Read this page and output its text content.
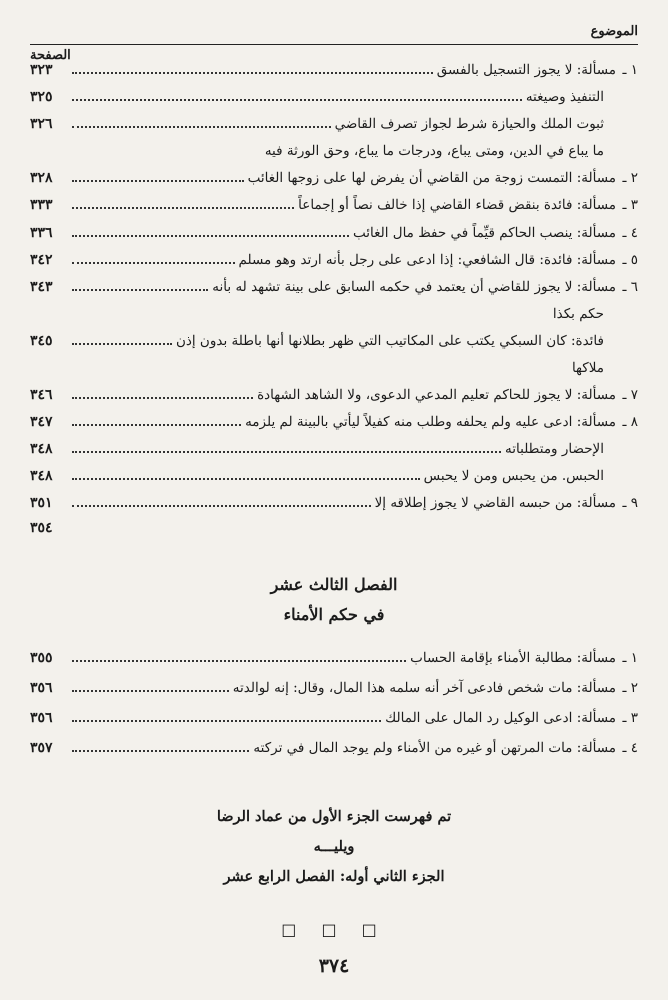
الموضوع
الصفحة
١ ـ
مسألة: لا يجوز التسجيل بالفسق
٣٢٣
التنفيذ وصيغته
٣٢٥
ثبوت الملك والحيازة شرط لجواز تصرف القاضي
٣٢٦
ما يباع في الدين، ومتى يباع، ودرجات ما يباع، وحق الورثة فيه
٢ ـ
مسألة: التمست زوجة من القاضي أن يفرض لها على زوجها الغائب
٣٢٨
٣ ـ
مسألة: فائدة بنقض قضاء القاضي إذا خالف نصاً أو إجماعاً
٣٣٣
٤ ـ
مسألة: ينصب الحاكم قيِّماً في حفظ مال الغائب
٣٣٦
٥ ـ
مسألة: فائدة: قال الشافعي: إذا ادعى على رجل بأنه ارتد وهو مسلم
٣٤٢
٦ ـ
مسألة: لا يجوز للقاضي أن يعتمد في حكمه السابق على بينة تشهد له بأنه
٣٤٣
حكم بكذا
فائدة: كان السبكي يكتب على المكاتيب التي ظهر بطلانها أنها باطلة بدون إذن
٣٤٥
ملاكها
٧ ـ
مسألة: لا يجوز للحاكم تعليم المدعي الدعوى، ولا الشاهد الشهادة
٣٤٦
٨ ـ
مسألة: ادعى عليه ولم يحلفه وطلب منه كفيلاً ليأتي بالبينة لم يلزمه
٣٤٧
الإحضار ومتطلباته
٣٤٨
الحبس. من يحبس ومن لا يحبس
٣٤٨
٩ ـ
مسألة: من حبسه القاضي لا يجوز إطلاقه إلا
٣٥١
٣٥٤
الفصل الثالث عشر
في حكم الأمناء
١ ـ
مسألة: مطالبة الأمناء بإقامة الحساب
٣٥٥
٢ ـ
مسألة: مات شخص فادعى آخر أنه سلمه هذا المال، وقال: إنه لوالدته
٣٥٦
٣ ـ
مسألة: ادعى الوكيل رد المال على المالك
٣٥٦
٤ ـ
مسألة: مات المرتهن أو غيره من الأمناء ولم يوجد المال في تركته
٣٥٧
تم فهرست الجزء الأول من عماد الرضا
ويليـــه
الجزء الثاني أوله: الفصل الرابع عشر
□ □ □
٣٧٤
